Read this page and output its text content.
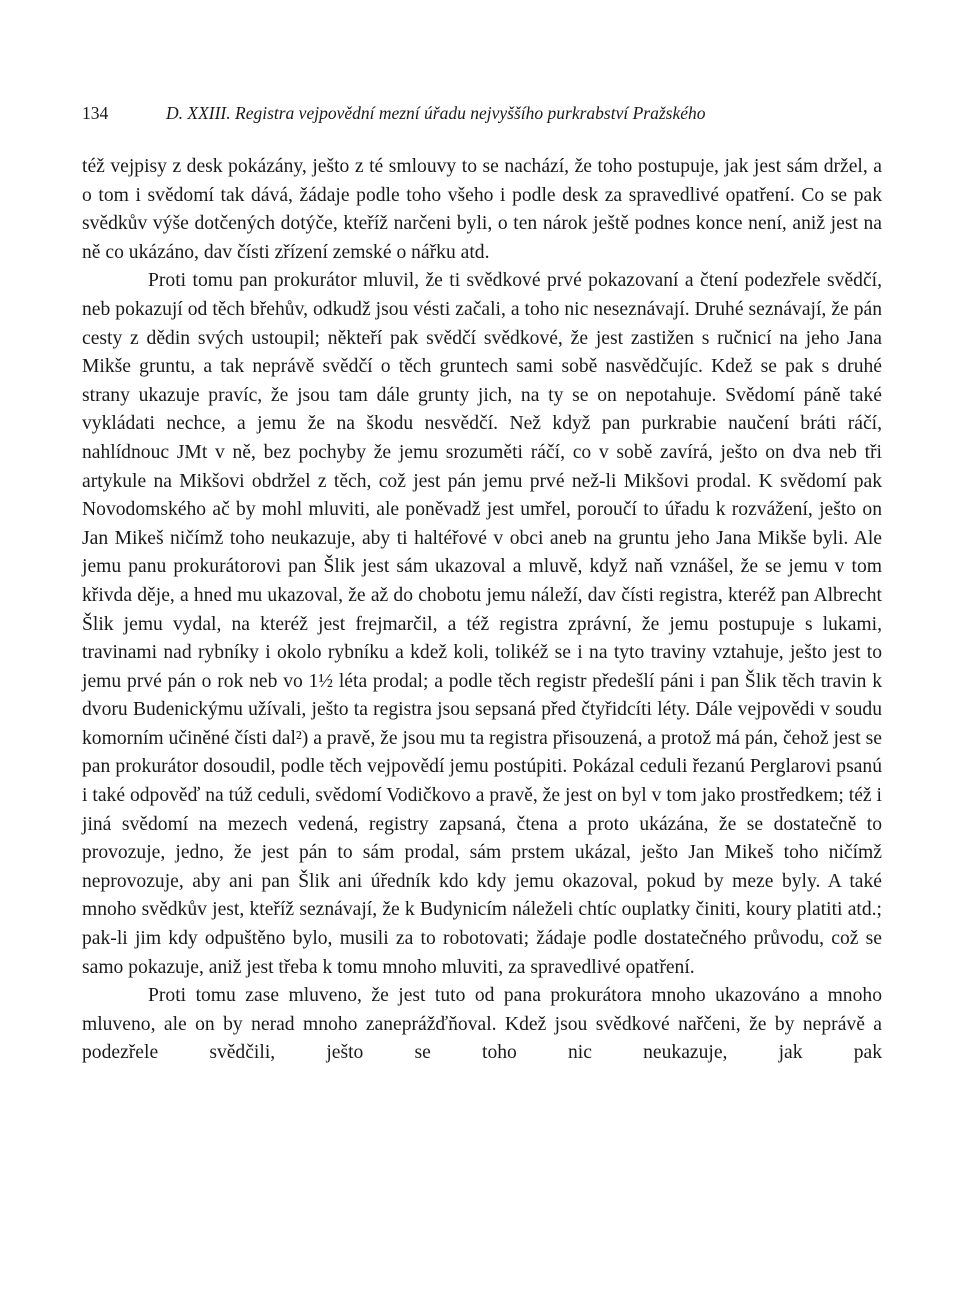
134	D. XXIII. Registra vejpovědní mezní úřadu nejvyššího purkrabství Pražského

též vejpisy z desk pokázány, ješto z té smlouvy to se nachází, že toho postupuje, jak jest sám držel, a o tom i svědomí tak dává, žádaje podle toho všeho i podle desk za spravedlivé opatření. Co se pak svědkův výše dotčených dotýče, kteříž narčeni byli, o ten nárok ještě podnes konce není, aniž jest na ně co ukázáno, dav čísti zřízení zemské o nářku atd.

Proti tomu pan prokurátor mluvil, že ti svědkové prvé pokazovaní a čtení podezřele svědčí, neb pokazují od těch břehův, odkudž jsou vésti začali, a toho nic neseznávají. Druhé seznávají, že pán cesty z dědin svých ustoupil; někteří pak svědčí svědkové, že jest zastižen s ručnicí na jeho Jana Mikše gruntu, a tak neprávě svědčí o těch gruntech sami sobě nasvědčujíc. Kdež se pak s druhé strany ukazuje pravíc, že jsou tam dále grunty jich, na ty se on nepotahuje. Svědomí páně také vykládati nechce, a jemu že na škodu nesvědčí. Než když pan purkrabie naučení bráti ráčí, nahlídnouc JMt v ně, bez pochyby že jemu srozuměti ráčí, co v sobě zavírá, ješto on dva neb tři artykule na Mikšovi obdržel z těch, což jest pán jemu prvé než-li Mikšovi prodal. K svědomí pak Novodomského ač by mohl mluviti, ale poněvadž jest umřel, poroučí to úřadu k rozvážení, ješto on Jan Mikeš ničímž toho neukazuje, aby ti haltéřové v obci aneb na gruntu jeho Jana Mikše byli. Ale jemu panu prokurátorovi pan Šlik jest sám ukazoval a mluvě, když naň vznášel, že se jemu v tom křivda děje, a hned mu ukazoval, že až do chobotu jemu náleží, dav čísti registra, kteréž pan Albrecht Šlik jemu vydal, na kteréž jest frejmarčil, a též registra zprávní, že jemu postupuje s lukami, travinami nad rybníky i okolo rybníku a kdež koli, tolikéž se i na tyto traviny vztahuje, ješto jest to jemu prvé pán o rok neb vo 1½ léta prodal; a podle těch registr předešlí páni i pan Šlik těch travin k dvoru Budenickýmu užívali, ješto ta registra jsou sepsaná před čtyřidcíti léty. Dále vejpovědi v soudu komorním učiněné čísti dal²) a pravě, že jsou mu ta registra přisouzená, a protož má pán, čehož jest se pan prokurátor dosoudil, podle těch vejpovědí jemu postúpiti. Pokázal ceduli řezanú Perglarovi psanú i také odpověď na túž ceduli, svědomí Vodičkovo a pravě, že jest on byl v tom jako prostředkem; též i jiná svědomí na mezech vedená, registry zapsaná, čtena a proto ukázána, že se dostatečně to provozuje, jedno, že jest pán to sám prodal, sám prstem ukázal, ješto Jan Mikeš toho ničímž neprovozuje, aby ani pan Šlik ani úředník kdo kdy jemu okazoval, pokud by meze byly. A také mnoho svědkův jest, kteříž seznávají, že k Budynicím náleželi chtíc ouplatky činiti, koury platiti atd.; pak-li jim kdy odpuštěno bylo, musili za to robotovati; žádaje podle dostatečného průvodu, což se samo pokazuje, aniž jest třeba k tomu mnoho mluviti, za spravedlivé opatření.

Proti tomu zase mluveno, že jest tuto od pana prokurátora mnoho ukazováno a mnoho mluveno, ale on by nerad mnoho zaneprážďňoval. Kdež jsou svědkové nařčeni, že by neprávě a podezřele svědčili, ješto se toho nic neukazuje, jak pak
